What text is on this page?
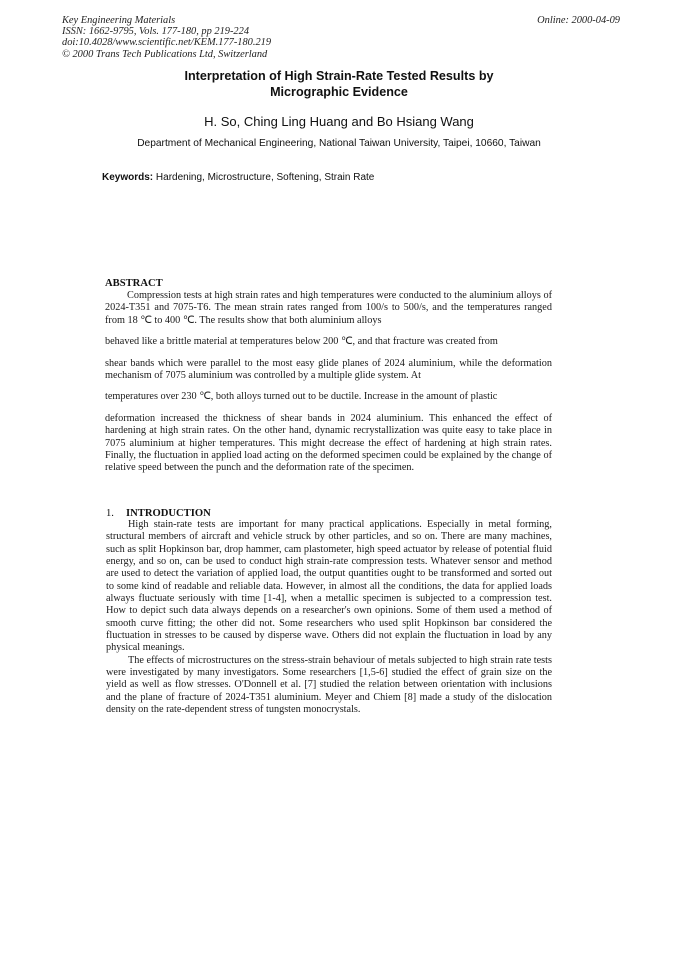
Key Engineering Materials
ISSN: 1662-9795, Vols. 177-180, pp 219-224
doi:10.4028/www.scientific.net/KEM.177-180.219
© 2000 Trans Tech Publications Ltd, Switzerland
Online: 2000-04-09
Interpretation of High Strain-Rate Tested Results by
Micrographic Evidence
H. So, Ching Ling Huang and Bo Hsiang Wang
Department of Mechanical Engineering, National Taiwan University, Taipei, 10660, Taiwan
Keywords: Hardening, Microstructure, Softening, Strain Rate
ABSTRACT

Compression tests at high strain rates and high temperatures were conducted to the aluminium alloys of 2024-T351 and 7075-T6. The mean strain rates ranged from 100/s to 500/s, and the temperatures ranged from 18 ℃ to 400 ℃. The results show that both aluminium alloys

behaved like a brittle material at temperatures below 200 ℃, and that fracture was created from

shear bands which were parallel to the most easy glide planes of 2024 aluminium, while the deformation mechanism of 7075 aluminium was controlled by a multiple glide system. At

temperatures over 230 ℃, both alloys turned out to be ductile. Increase in the amount of plastic

deformation increased the thickness of shear bands in 2024 aluminium. This enhanced the effect of hardening at high strain rates. On the other hand, dynamic recrystallization was quite easy to take place in 7075 aluminium at higher temperatures. This might decrease the effect of hardening at high strain rates. Finally, the fluctuation in applied load acting on the deformed specimen could be explained by the change of relative speed between the punch and the deformation rate of the specimen.

1. INTRODUCTION

High stain-rate tests are important for many practical applications. Especially in metal forming, structural members of aircraft and vehicle struck by other particles, and so on. There are many machines, such as split Hopkinson bar, drop hammer, cam plastometer, high speed actuator by release of potential fluid energy, and so on, can be used to conduct high strain-rate compression tests. Whatever sensor and method are used to detect the variation of applied load, the output quantities ought to be transformed and sorted out to some kind of readable and reliable data. However, in almost all the conditions, the data for applied loads always fluctuate seriously with time [1-4], when a metallic specimen is subjected to a compression test. How to depict such data always depends on a researcher's own opinions. Some of them used a method of smooth curve fitting; the other did not. Some researchers who used split Hopkinson bar considered the fluctuation in stresses to be caused by disperse wave. Others did not explain the fluctuation in load by any physical meanings.

The effects of microstructures on the stress-strain behaviour of metals subjected to high strain rate tests were investigated by many investigators. Some researchers [1,5-6] studied the effect of grain size on the yield as well as flow stresses. O'Donnell et al. [7] studied the relation between orientation with inclusions and the plane of fracture of 2024-T351 aluminium. Meyer and Chiem [8] made a study of the dislocation density on the rate-dependent stress of tungsten monocrystals.
